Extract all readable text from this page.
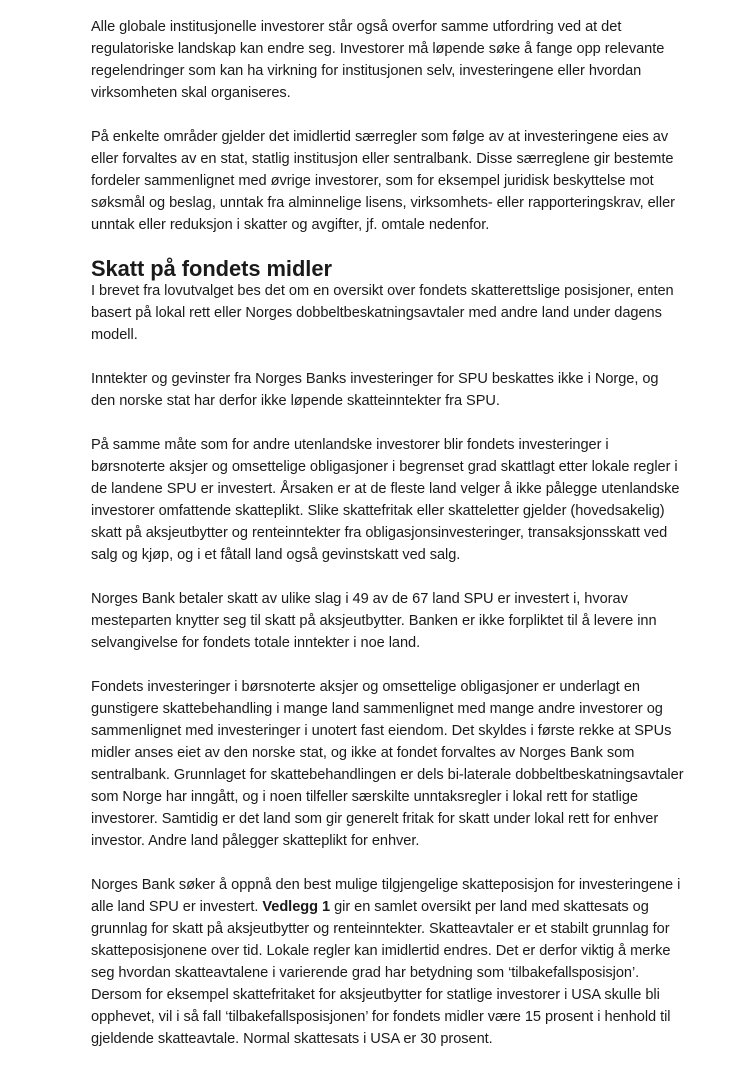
Alle globale institusjonelle investorer står også overfor samme utfordring ved at det
regulatoriske landskap kan endre seg. Investorer må løpende søke å fange opp relevante
regelendringer som kan ha virkning for institusjonen selv, investeringene eller hvordan
virksomheten skal organiseres.

På enkelte områder gjelder det imidlertid særregler som følge av at investeringene eies av
eller forvaltes av en stat, statlig institusjon eller sentralbank. Disse særreglene gir bestemte
fordeler sammenlignet med øvrige investorer, som for eksempel juridisk beskyttelse mot
søksmål og beslag, unntak fra alminnelige lisens, virksomhets- eller rapporteringskrav, eller
unntak eller reduksjon i skatter og avgifter, jf. omtale nedenfor.

Skatt på fondets midler

I brevet fra lovutvalget bes det om en oversikt over fondets skatterettslige posisjoner, enten
basert på lokal rett eller Norges dobbeltbeskatningsavtaler med andre land under dagens
modell.

Inntekter og gevinster fra Norges Banks investeringer for SPU beskattes ikke i Norge, og
den norske stat har derfor ikke løpende skatteinntekter fra SPU.

På samme måte som for andre utenlandske investorer blir fondets investeringer i
børsnoterte aksjer og omsettelige obligasjoner i begrenset grad skattlagt etter lokale regler i
de landene SPU er investert. Årsaken er at de fleste land velger å ikke pålegge utenlandske
investorer omfattende skatteplikt. Slike skattefritak eller skatteletter gjelder (hovedsakelig)
skatt på aksjeutbytter og renteinntekter fra obligasjonsinvesteringer, transaksjonsskatt ved
salg og kjøp, og i et fåtall land også gevinstskatt ved salg.

Norges Bank betaler skatt av ulike slag i 49 av de 67 land SPU er investert i, hvorav
mesteparten knytter seg til skatt på aksjeutbytter. Banken er ikke forpliktet til å levere inn
selvangivelse for fondets totale inntekter i noe land.

Fondets investeringer i børsnoterte aksjer og omsettelige obligasjoner er underlagt en
gunstigere skattebehandling i mange land sammenlignet med mange andre investorer og
sammenlignet med investeringer i unotert fast eiendom. Det skyldes i første rekke at SPUs
midler anses eiet av den norske stat, og ikke at fondet forvaltes av Norges Bank som
sentralbank. Grunnlaget for skattebehandlingen er dels bi-laterale dobbeltbeskatningsavtaler
som Norge har inngått, og i noen tilfeller særskilte unntaksregler i lokal rett for statlige
investorer. Samtidig er det land som gir generelt fritak for skatt under lokal rett for enhver
investor. Andre land pålegger skatteplikt for enhver.

Norges Bank søker å oppnå den best mulige tilgjengelige skatteposisjon for investeringene i
alle land SPU er investert. Vedlegg 1 gir en samlet oversikt per land med skattesats og
grunnlag for skatt på aksjeutbytter og renteinntekter. Skatteavtaler er et stabilt grunnlag for
skatteposisjonene over tid. Lokale regler kan imidlertid endres. Det er derfor viktig å merke
seg hvordan skatteavtalene i varierende grad har betydning som ‘tilbakefallsposisjon’.
Dersom for eksempel skattefritaket for aksjeutbytter for statlige investorer i USA skulle bli
opphevet, vil i så fall ‘tilbakefallsposisjonen’ for fondets midler være 15 prosent i henhold til
gjeldende skatteavtale. Normal skattesats i USA er 30 prosent.
